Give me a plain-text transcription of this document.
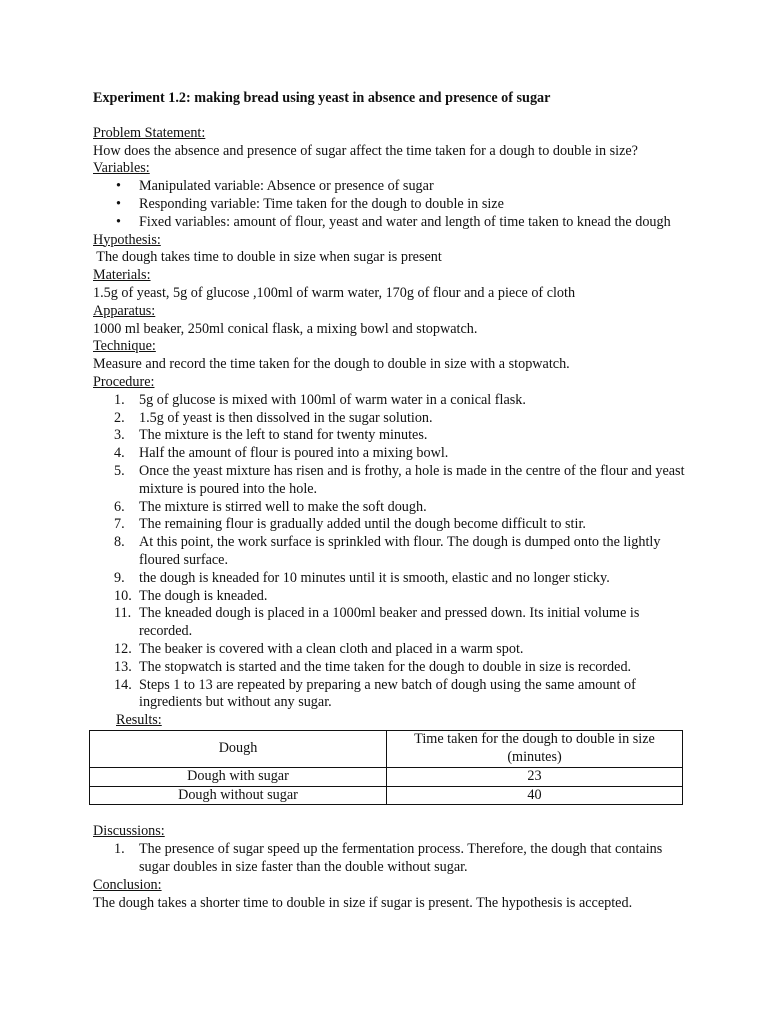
Experiment 1.2: making bread using yeast in absence and presence of sugar

Problem Statement:

How does the absence and presence of sugar affect the time taken for a dough to double in size?

Variables:

• Manipulated variable: Absence or presence of sugar
• Responding variable: Time taken for the dough to double in size
• Fixed variables: amount of flour, yeast and water and length of time taken to knead the dough

Hypothesis:

The dough takes time to double in size when sugar is present

Materials:

1.5g of yeast, 5g of glucose ,100ml of warm water, 170g of flour and a piece of cloth

Apparatus:

1000 ml beaker, 250ml conical flask, a mixing bowl and stopwatch.

Technique:

Measure and record the time taken for the dough to double in size with a stopwatch.

Procedure:

1.	5g of glucose is mixed with 100ml of warm water in a conical flask.
2.	1.5g of yeast is then dissolved in the sugar solution.
3.	The mixture is the left to stand for twenty minutes.
4.	Half the amount of flour is poured into a mixing bowl.
5.	Once the yeast mixture has risen and is frothy, a hole is made in the centre of the flour and yeast mixture is poured into the hole.
6.	The mixture is stirred well to make the soft dough.
7.	The remaining flour is gradually added until the dough become difficult to stir.
8.	At this point, the work surface is sprinkled with flour. The dough is dumped onto the lightly floured surface.
9.	the dough is kneaded for 10 minutes until it is smooth, elastic and no longer sticky.
10. The dough is kneaded.
11. The kneaded dough is placed in a 1000ml beaker and pressed down. Its initial volume is recorded.
12. The beaker is covered with a clean cloth and placed in a warm spot.
13. The stopwatch is started and the time taken for the dough to double in size is recorded.
14. Steps 1 to 13 are repeated by preparing a new batch of dough using the same amount of ingredients but without any sugar.

Results:

Dough	Time taken for the dough to double in size (minutes)
Dough with sugar	23
Dough without sugar	40

Discussions:

1.	The presence of sugar speed up the fermentation process. Therefore, the dough that contains sugar doubles in size faster than the double without sugar.

Conclusion:

The dough takes a shorter time to double in size if sugar is present. The hypothesis is accepted.
